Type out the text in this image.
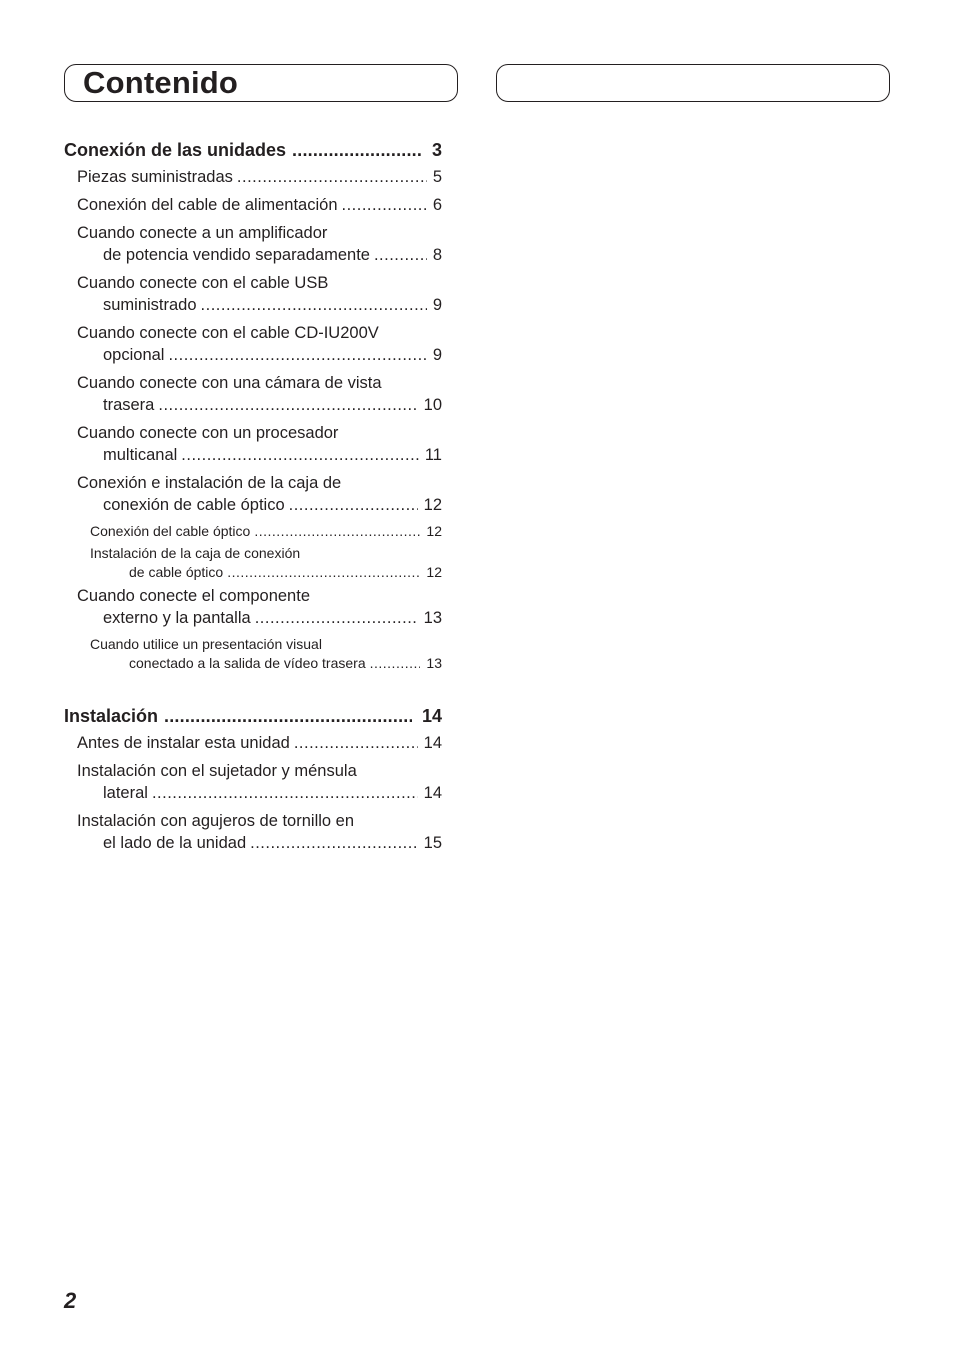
Contenido
Conexión de las unidades .....	3
Piezas suministradas .....	5
Conexión del cable de alimentación .....	6
Cuando conecte a un amplificador
de potencia vendido separadamente .....	8
Cuando conecte con el cable USB
suministrado .....	9
Cuando conecte con el cable CD-IU200V
opcional .....	9
Cuando conecte con una cámara de vista
trasera .....	10
Cuando conecte con un procesador
multicanal .....	11
Conexión e instalación de la caja de
conexión de cable óptico .....	12
Conexión del cable óptico .....	12
Instalación de la caja de conexión
de cable óptico .....	12
Cuando conecte el componente
externo y la pantalla .....	13
Cuando utilice un presentación visual
conectado a la salida de vídeo trasera .....	13
Instalación .....	14
Antes de instalar esta unidad .....	14
Instalación con el sujetador y ménsula
lateral .....	14
Instalación con agujeros de tornillo en
el lado de la unidad .....	15
2
